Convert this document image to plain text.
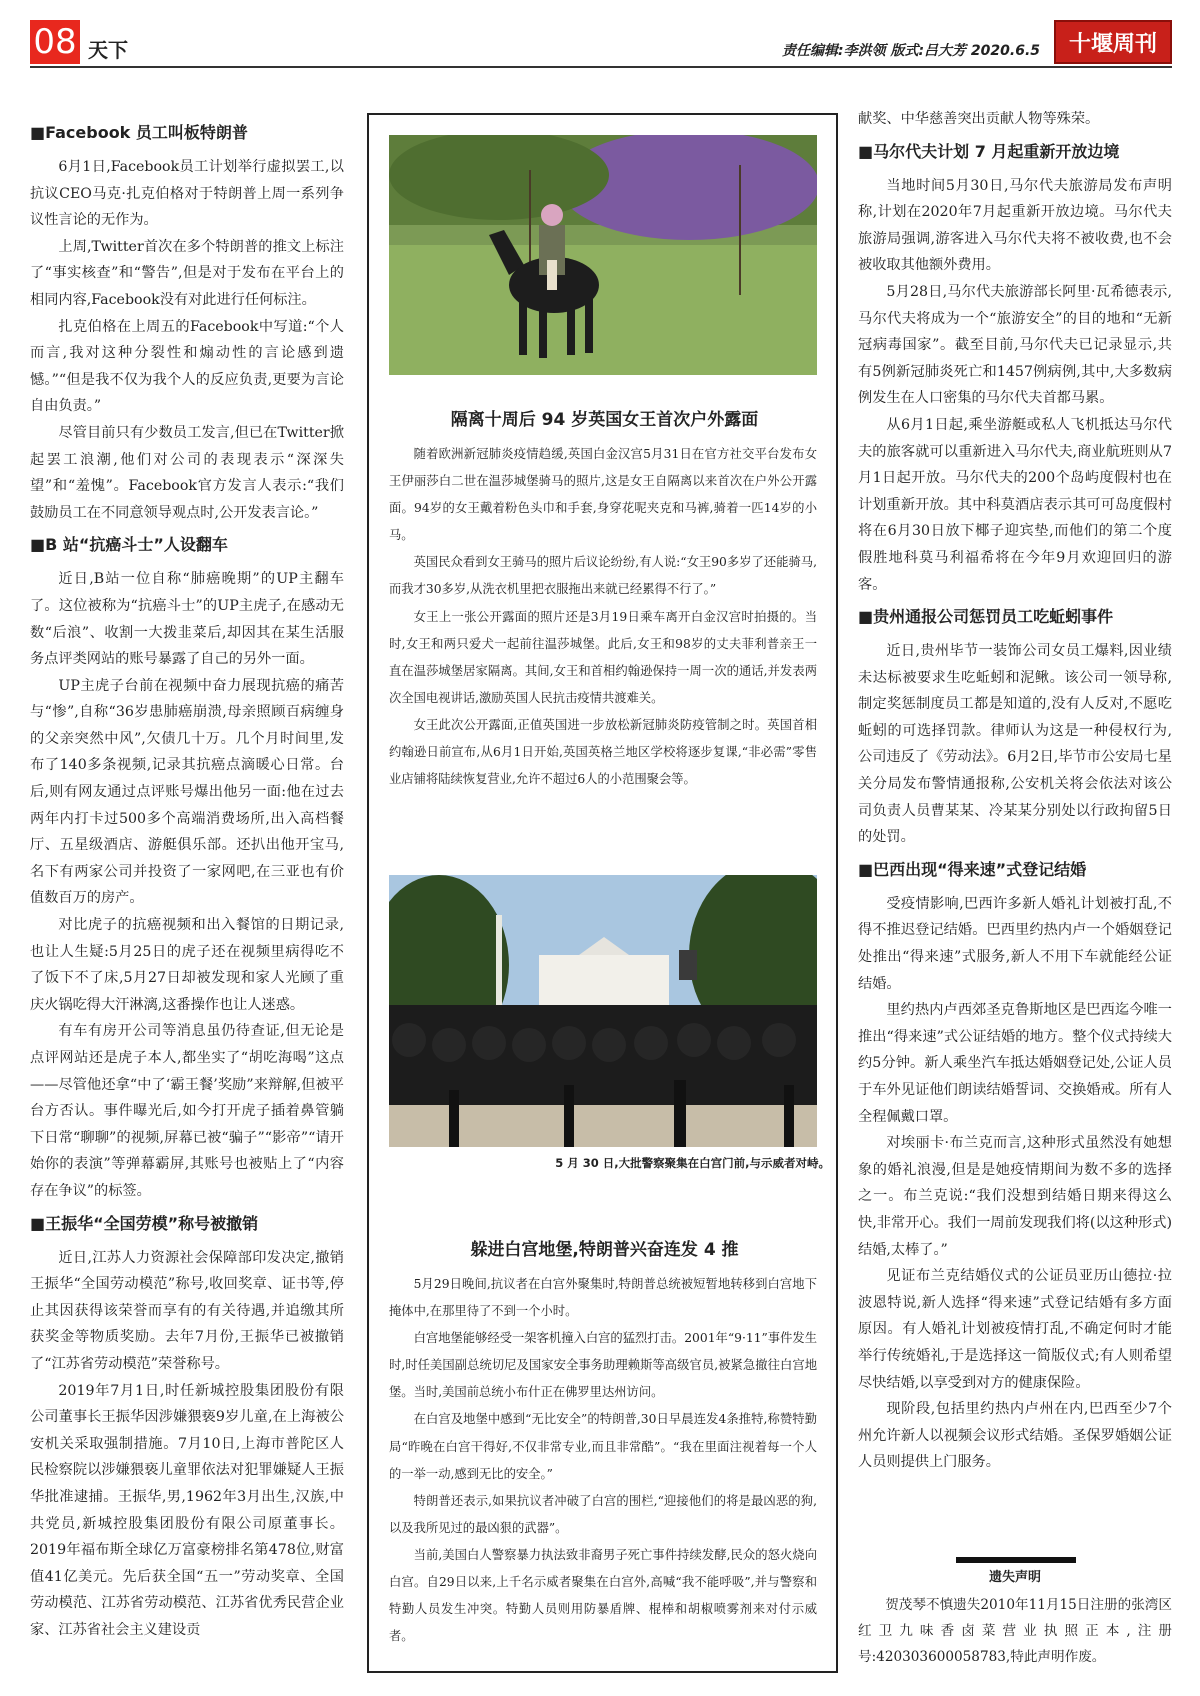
08 天下	责任编辑:李洪领 版式:吕大芳 2020.6.5	十堰周刊
■Facebook 员工叫板特朗普

6月1日,Facebook员工计划举行虚拟罢工,以抗议CEO马克·扎克伯格对于特朗普上周一系列争议性言论的无作为。

上周,Twitter首次在多个特朗普的推文上标注了“事实核查”和“警告”,但是对于发布在平台上的相同内容,Facebook没有对此进行任何标注。

扎克伯格在上周五的Facebook中写道:“个人而言,我对这种分裂性和煽动性的言论感到遗憾。”“但是我不仅为我个人的反应负责,更要为言论自由负责。”

尽管目前只有少数员工发言,但已在Twitter掀起罢工浪潮,他们对公司的表现表示“深深失望”和“羞愧”。Facebook官方发言人表示:“我们鼓励员工在不同意领导观点时,公开发表言论。”

■B 站“抗癌斗士”人设翻车

近日,B站一位自称“肺癌晚期”的UP主翻车了。这位被称为“抗癌斗士”的UP主虎子,在感动无数“后浪”、收割一大拨韭菜后,却因其在某生活服务点评类网站的账号暴露了自己的另外一面。

UP主虎子台前在视频中奋力展现抗癌的痛苦与“惨”,自称“36岁患肺癌崩溃,母亲照顾百病缠身的父亲突然中风”,欠债几十万。几个月时间里,发布了140多条视频,记录其抗癌点滴暖心日常。台后,则有网友通过点评账号爆出他另一面:他在过去两年内打卡过500多个高端消费场所,出入高档餐厅、五星级酒店、游艇俱乐部。还扒出他开宝马,名下有两家公司并投资了一家网吧,在三亚也有价值数百万的房产。

对比虎子的抗癌视频和出入餐馆的日期记录,也让人生疑:5月25日的虎子还在视频里病得吃不了饭下不了床,5月27日却被发现和家人光顾了重庆火锅吃得大汗淋漓,这番操作也让人迷惑。

有车有房开公司等消息虽仍待查证,但无论是点评网站还是虎子本人,都坐实了“胡吃海喝”这点——尽管他还拿“中了‘霸王餐’奖励”来辩解,但被平台方否认。事件曝光后,如今打开虎子插着鼻管躺下日常“聊聊”的视频,屏幕已被“骗子”“影帝”“请开始你的表演”等弹幕霸屏,其账号也被贴上了“内容存在争议”的标签。

■王振华“全国劳模”称号被撤销

近日,江苏人力资源社会保障部印发决定,撤销王振华“全国劳动模范”称号,收回奖章、证书等,停止其因获得该荣誉而享有的有关待遇,并追缴其所获奖金等物质奖励。去年7月份,王振华已被撤销了“江苏省劳动模范”荣誉称号。

2019年7月1日,时任新城控股集团股份有限公司董事长王振华因涉嫌猥亵9岁儿童,在上海被公安机关采取强制措施。7月10日,上海市普陀区人民检察院以涉嫌猥亵儿童罪依法对犯罪嫌疑人王振华批准逮捕。王振华,男,1962年3月出生,汉族,中共党员,新城控股集团股份有限公司原董事长。2019年福布斯全球亿万富豪榜排名第478位,财富值41亿美元。先后获全国“五一”劳动奖章、全国劳动模范、江苏省劳动模范、江苏省优秀民营企业家、江苏省社会主义建设贡

隔离十周后 94 岁英国女王首次户外露面

随着欧洲新冠肺炎疫情趋缓,英国白金汉宫5月31日在官方社交平台发布女王伊丽莎白二世在温莎城堡骑马的照片,这是女王自隔离以来首次在户外公开露面。94岁的女王戴着粉色头巾和手套,身穿花呢夹克和马裤,骑着一匹14岁的小马。

英国民众看到女王骑马的照片后议论纷纷,有人说:“女王90多岁了还能骑马,而我才30多岁,从洗衣机里把衣服拖出来就已经累得不行了。”

女王上一张公开露面的照片还是3月19日乘车离开白金汉宫时拍摄的。当时,女王和两只爱犬一起前往温莎城堡。此后,女王和98岁的丈夫菲利普亲王一直在温莎城堡居家隔离。其间,女王和首相约翰逊保持一周一次的通话,并发表两次全国电视讲话,激励英国人民抗击疫情共渡难关。

女王此次公开露面,正值英国进一步放松新冠肺炎防疫管制之时。英国首相约翰逊日前宣布,从6月1日开始,英国英格兰地区学校将逐步复课,“非必需”零售业店铺将陆续恢复营业,允许不超过6人的小范围聚会等。

5 月 30 日,大批警察聚集在白宫门前,与示威者对峙。
躲进白宫地堡,特朗普兴奋连发 4 推

5月29日晚间,抗议者在白宫外聚集时,特朗普总统被短暂地转移到白宫地下掩体中,在那里待了不到一个小时。

白宫地堡能够经受一架客机撞入白宫的猛烈打击。2001年“9·11”事件发生时,时任美国副总统切尼及国家安全事务助理赖斯等高级官员,被紧急撤往白宫地堡。当时,美国前总统小布什正在佛罗里达州访问。

在白宫及地堡中感到“无比安全”的特朗普,30日早晨连发4条推特,称赞特勤局“昨晚在白宫干得好,不仅非常专业,而且非常酷”。“我在里面注视着每一个人的一举一动,感到无比的安全。”

特朗普还表示,如果抗议者冲破了白宫的围栏,“迎接他们的将是最凶恶的狗,以及我所见过的最凶狠的武器”。

当前,美国白人警察暴力执法致非裔男子死亡事件持续发酵,民众的怒火烧向白宫。自29日以来,上千名示威者聚集在白宫外,高喊“我不能呼吸”,并与警察和特勤人员发生冲突。特勤人员则用防暴盾牌、棍棒和胡椒喷雾剂来对付示威者。

献奖、中华慈善突出贡献人物等殊荣。

■马尔代夫计划 7 月起重新开放边境

当地时间5月30日,马尔代夫旅游局发布声明称,计划在2020年7月起重新开放边境。马尔代夫旅游局强调,游客进入马尔代夫将不被收费,也不会被收取其他额外费用。

5月28日,马尔代夫旅游部长阿里·瓦希德表示,马尔代夫将成为一个“旅游安全”的目的地和“无新冠病毒国家”。截至目前,马尔代夫已记录显示,共有5例新冠肺炎死亡和1457例病例,其中,大多数病例发生在人口密集的马尔代夫首都马累。

从6月1日起,乘坐游艇或私人飞机抵达马尔代夫的旅客就可以重新进入马尔代夫,商业航班则从7月1日起开放。马尔代夫的200个岛屿度假村也在计划重新开放。其中科莫酒店表示其可可岛度假村将在6月30日放下椰子迎宾垫,而他们的第二个度假胜地科莫马利福希将在今年9月欢迎回归的游客。

■贵州通报公司惩罚员工吃蚯蚓事件

近日,贵州毕节一装饰公司女员工爆料,因业绩未达标被要求生吃蚯蚓和泥鳅。该公司一领导称,制定奖惩制度员工都是知道的,没有人反对,不愿吃蚯蚓的可选择罚款。律师认为这是一种侵权行为,公司违反了《劳动法》。6月2日,毕节市公安局七星关分局发布警情通报称,公安机关将会依法对该公司负责人员曹某某、冷某某分别处以行政拘留5日的处罚。

■巴西出现“得来速”式登记结婚

受疫情影响,巴西许多新人婚礼计划被打乱,不得不推迟登记结婚。巴西里约热内卢一个婚姻登记处推出“得来速”式服务,新人不用下车就能经公证结婚。

里约热内卢西郊圣克鲁斯地区是巴西迄今唯一推出“得来速”式公证结婚的地方。整个仪式持续大约5分钟。新人乘坐汽车抵达婚姻登记处,公证人员于车外见证他们朗读结婚誓词、交换婚戒。所有人全程佩戴口罩。

对埃丽卡·布兰克而言,这种形式虽然没有她想象的婚礼浪漫,但是是她疫情期间为数不多的选择之一。布兰克说:“我们没想到结婚日期来得这么快,非常开心。我们一周前发现我们将(以这种形式)结婚,太棒了。”

见证布兰克结婚仪式的公证员亚历山德拉·拉波恩特说,新人选择“得来速”式登记结婚有多方面原因。有人婚礼计划被疫情打乱,不确定何时才能举行传统婚礼,于是选择这一简版仪式;有人则希望尽快结婚,以享受到对方的健康保险。

现阶段,包括里约热内卢州在内,巴西至少7个州允许新人以视频会议形式结婚。圣保罗婚姻公证人员则提供上门服务。

遗失声明

贺茂琴不慎遗失2010年11月15日注册的张湾区红卫九味香卤菜营业执照正本,注册号:420303600058783,特此声明作废。
